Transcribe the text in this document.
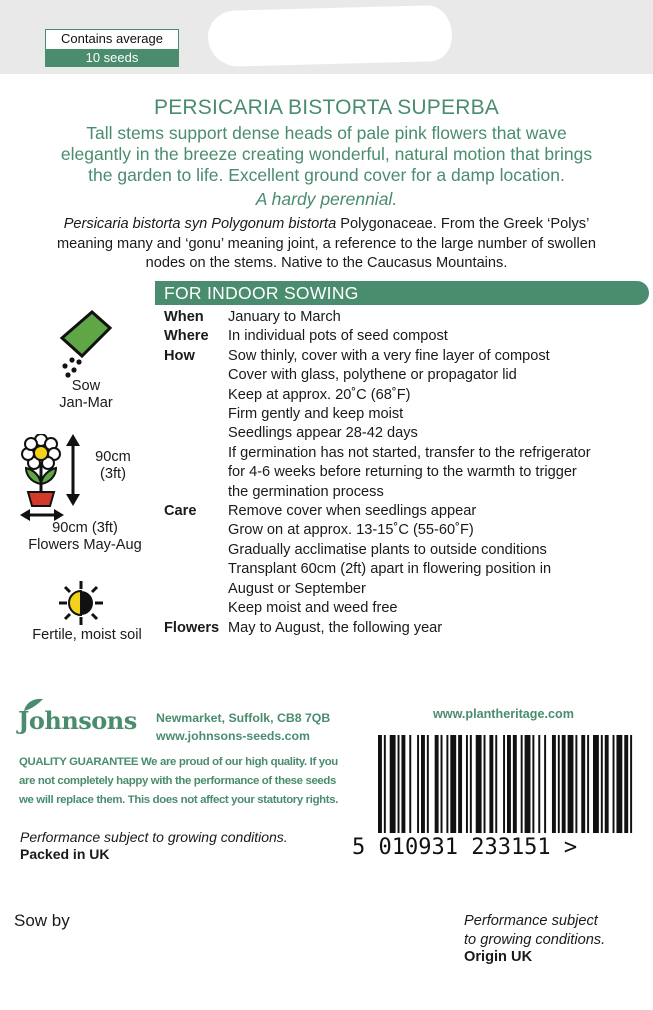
Contains average
10 seeds
PERSICARIA BISTORTA SUPERBA
Tall stems support dense heads of pale pink flowers that wave
elegantly in the breeze creating wonderful, natural motion that brings
the garden to life. Excellent ground cover for a damp location.
A hardy perennial.
Persicaria bistorta syn Polygonum bistorta Polygonaceae. From the Greek ‘Polys’
meaning many and ‘gonu’ meaning joint, a reference to the large number of swollen
nodes on the stems. Native to the Caucasus Mountains.
FOR INDOOR SOWING
When	January to March
Where	In individual pots of seed compost
How	Sow thinly, cover with a very fine layer of compost
Cover with glass, polythene or propagator lid
Keep at approx. 20˚C (68˚F)
Firm gently and keep moist
Seedlings appear 28-42 days
If germination has not started, transfer to the refrigerator
for 4-6 weeks before returning to the warmth to trigger
the germination process
Care	Remove cover when seedlings appear
Grow on at approx. 13-15˚C (55-60˚F)
Gradually acclimatise plants to outside conditions
Transplant 60cm (2ft) apart in flowering position in
August or September
Keep moist and weed free
Flowers May to August, the following year
Sow
Jan-Mar
90cm
(3ft)
90cm (3ft)
Flowers May-Aug
Fertile, moist soil
Johnsons Newmarket, Suffolk, CB8 7QB
www.johnsons-seeds.com
QUALITY GUARANTEE We are proud of our high quality. If you
are not completely happy with the performance of these seeds
we will replace them. This does not affect your statutory rights.
www.plantheritage.com
5 010931 233151 >
Performance subject to growing conditions.
Packed in UK
Sow by	Performance subject
to growing conditions.
Origin UK
